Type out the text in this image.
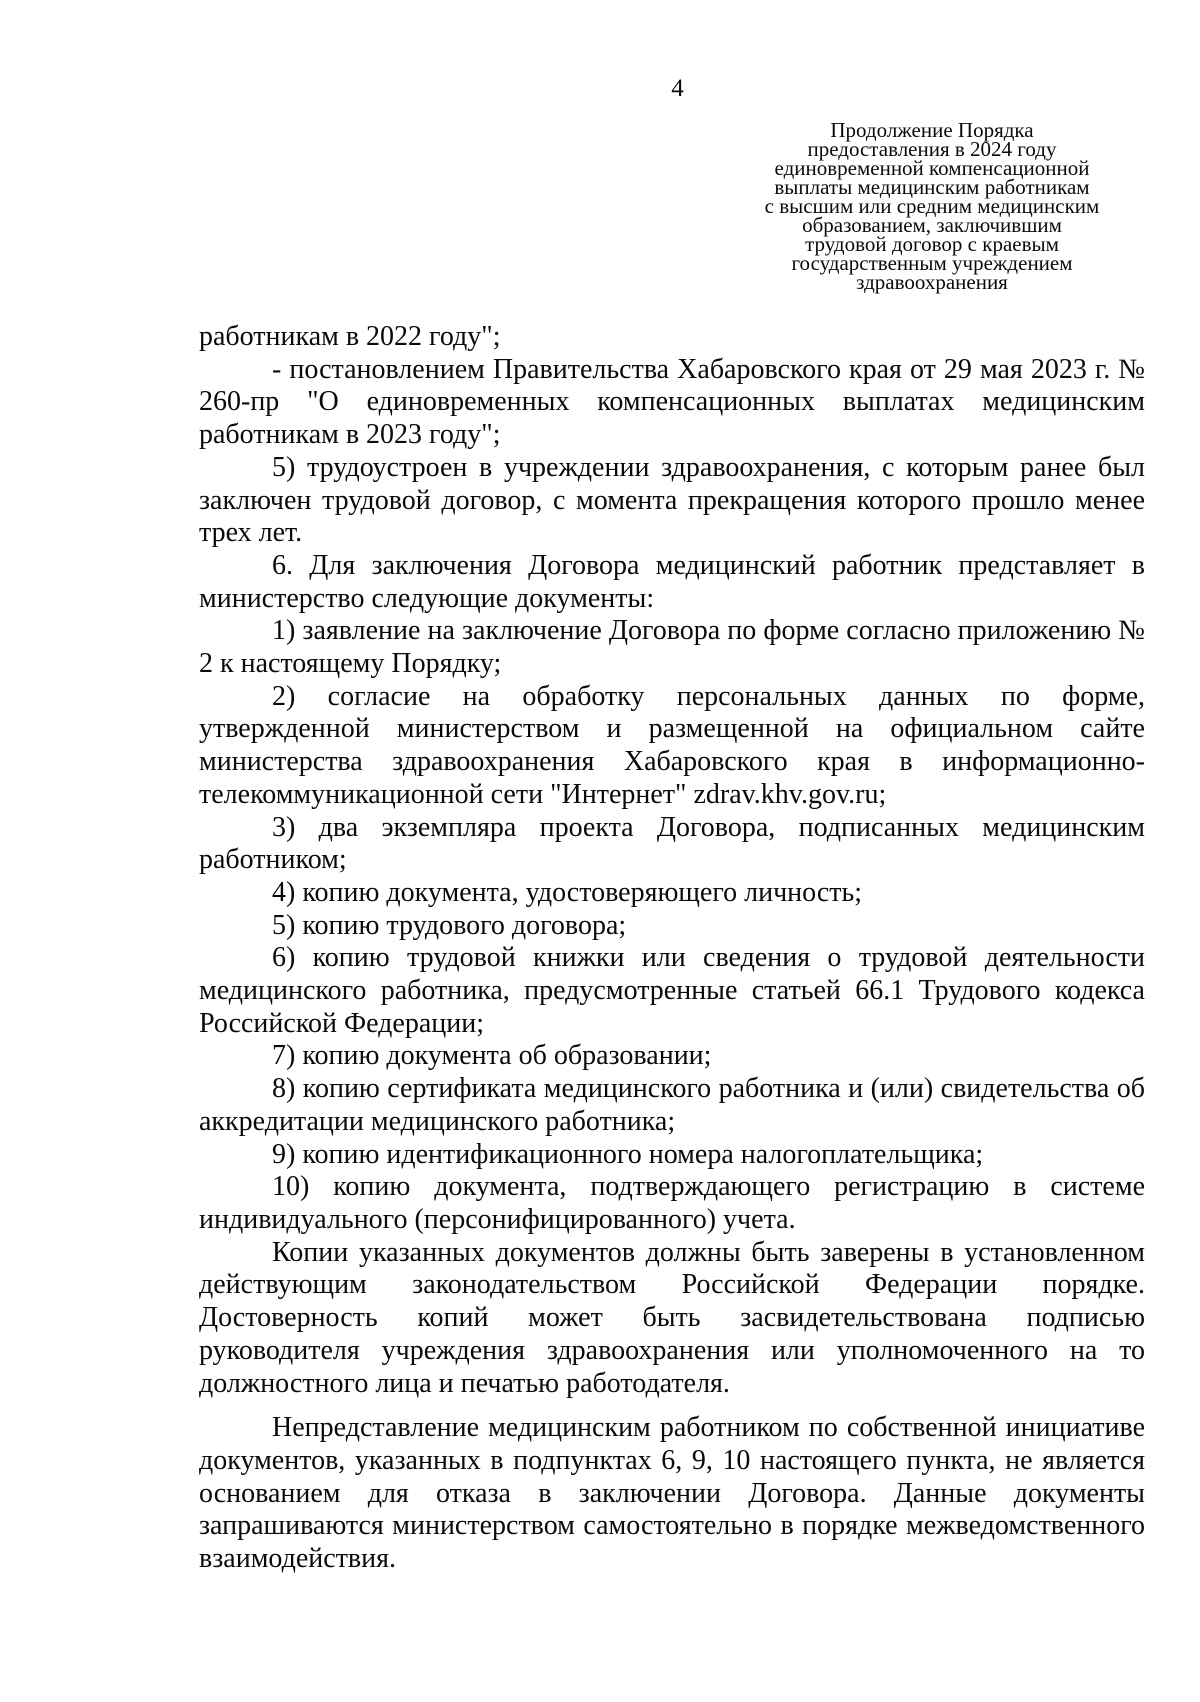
4
Продолжение Порядка
предоставления в 2024 году
единовременной компенсационной
выплаты медицинским работникам
с высшим или средним медицинским
образованием, заключившим
трудовой договор с краевым
государственным учреждением
здравоохранения

работникам в 2022 году";

- постановлением Правительства Хабаровского края от 29 мая 2023 г. № 260-пр "О единовременных компенсационных выплатах медицинским работникам в 2023 году";

5) трудоустроен в учреждении здравоохранения, с которым ранее был заключен трудовой договор, с момента прекращения которого прошло менее трех лет.

6. Для заключения Договора медицинский работник представляет в министерство следующие документы:

1) заявление на заключение Договора по форме согласно приложению № 2 к настоящему Порядку;

2) согласие на обработку персональных данных по форме, утвержденной министерством и размещенной на официальном сайте министерства здравоохранения Хабаровского края в информационно-телекоммуникационной сети "Интернет" zdrav.khv.gov.ru;

3) два экземпляра проекта Договора, подписанных медицинским работником;

4) копию документа, удостоверяющего личность;

5) копию трудового договора;

6) копию трудовой книжки или сведения о трудовой деятельности медицинского работника, предусмотренные статьей 66.1 Трудового кодекса Российской Федерации;

7) копию документа об образовании;

8) копию сертификата медицинского работника и (или) свидетельства об аккредитации медицинского работника;

9) копию идентификационного номера налогоплательщика;

10) копию документа, подтверждающего регистрацию в системе индивидуального (персонифицированного) учета.

Копии указанных документов должны быть заверены в установленном действующим законодательством Российской Федерации порядке. Достоверность копий может быть засвидетельствована подписью руководителя учреждения здравоохранения или уполномоченного на то должностного лица и печатью работодателя.

Непредставление медицинским работником по собственной инициативе документов, указанных в подпунктах 6, 9, 10 настоящего пункта, не является основанием для отказа в заключении Договора. Данные документы запрашиваются министерством самостоятельно в порядке межведомственного взаимодействия.
